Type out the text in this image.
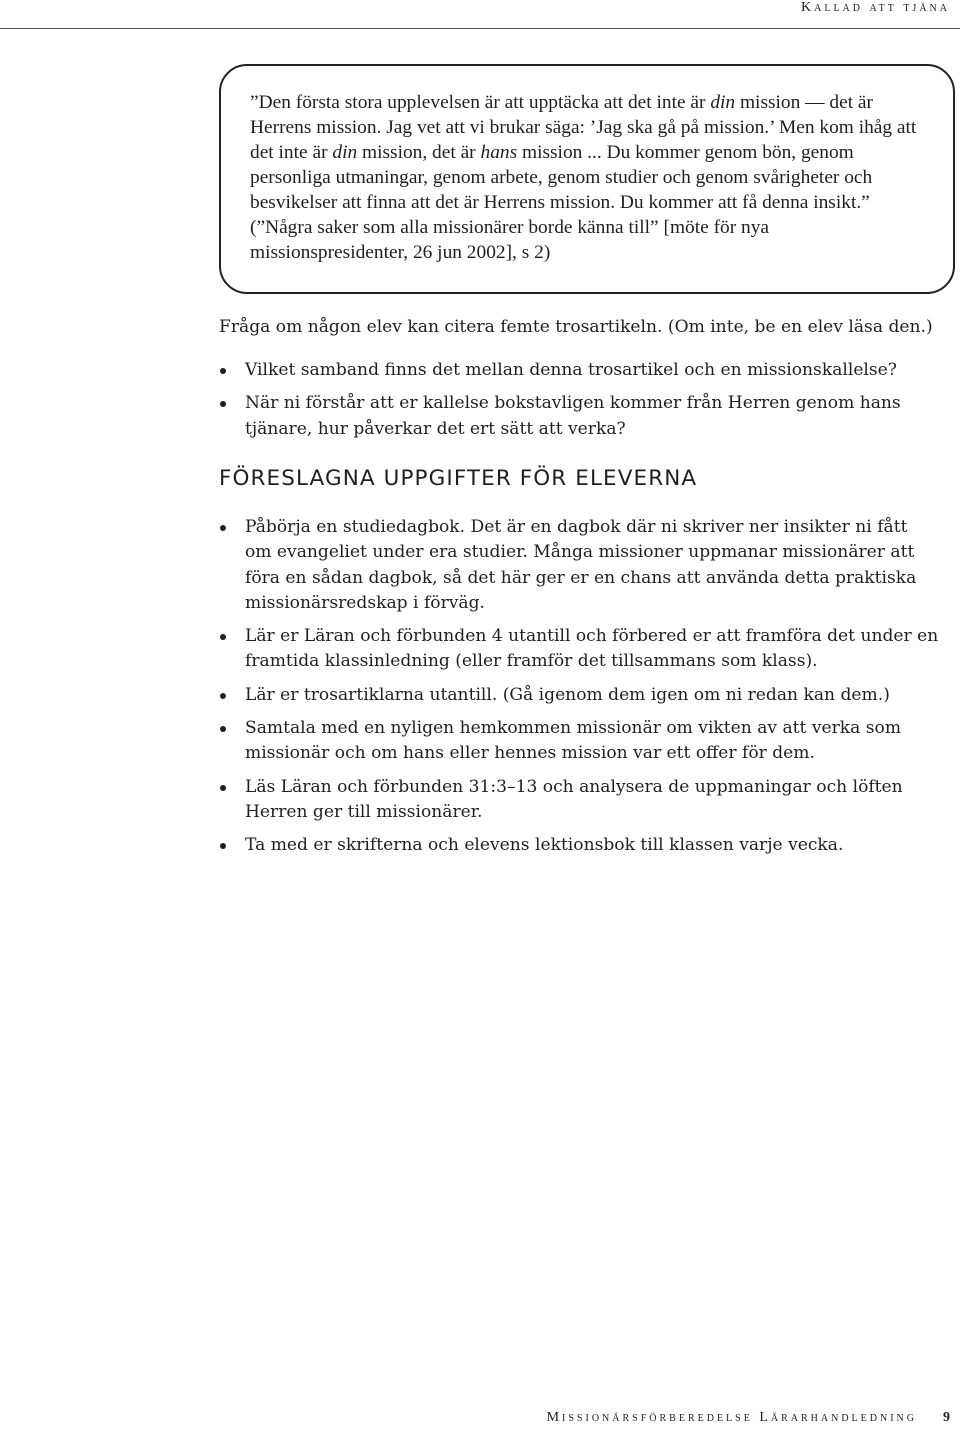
Kallad att tjäna

”Den första stora upplevelsen är att upptäcka att det inte är din mission — det är Herrens mission. Jag vet att vi brukar säga: ’Jag ska gå på mission.’ Men kom ihåg att det inte är din mission, det är hans mission ... Du kommer genom bön, genom personliga utmaningar, genom arbete, genom studier och genom svårigheter och besvikelser att finna att det är Herrens mission. Du kommer att få denna insikt.” (”Några saker som alla missionärer borde känna till” [möte för nya missionspresidenter, 26 jun 2002], s 2)

Fråga om någon elev kan citera femte trosartikeln. (Om inte, be en elev läsa den.)

Vilket samband finns det mellan denna trosartikel och en missionskallelse?
När ni förstår att er kallelse bokstavligen kommer från Herren genom hans tjänare, hur påverkar det ert sätt att verka?
FÖRESLAGNA UPPGIFTER FÖR ELEVERNA
Påbörja en studiedagbok. Det är en dagbok där ni skriver ner insikter ni fått om evangeliet under era studier. Många missioner uppmanar missionärer att föra en sådan dagbok, så det här ger er en chans att använda detta praktiska missionärsredskap i förväg.
Lär er Läran och förbunden 4 utantill och förbered er att framföra det under en framtida klassinledning (eller framför det tillsammans som klass).
Lär er trosartiklarna utantill. (Gå igenom dem igen om ni redan kan dem.)
Samtala med en nyligen hemkommen missionär om vikten av att verka som missionär och om hans eller hennes mission var ett offer för dem.
Läs Läran och förbunden 31:3–13 och analysera de uppmaningar och löften Herren ger till missionärer.
Ta med er skrifterna och elevens lektionsbok till klassen varje vecka.
Missionärsförberedelse Lärarhandledning 9
